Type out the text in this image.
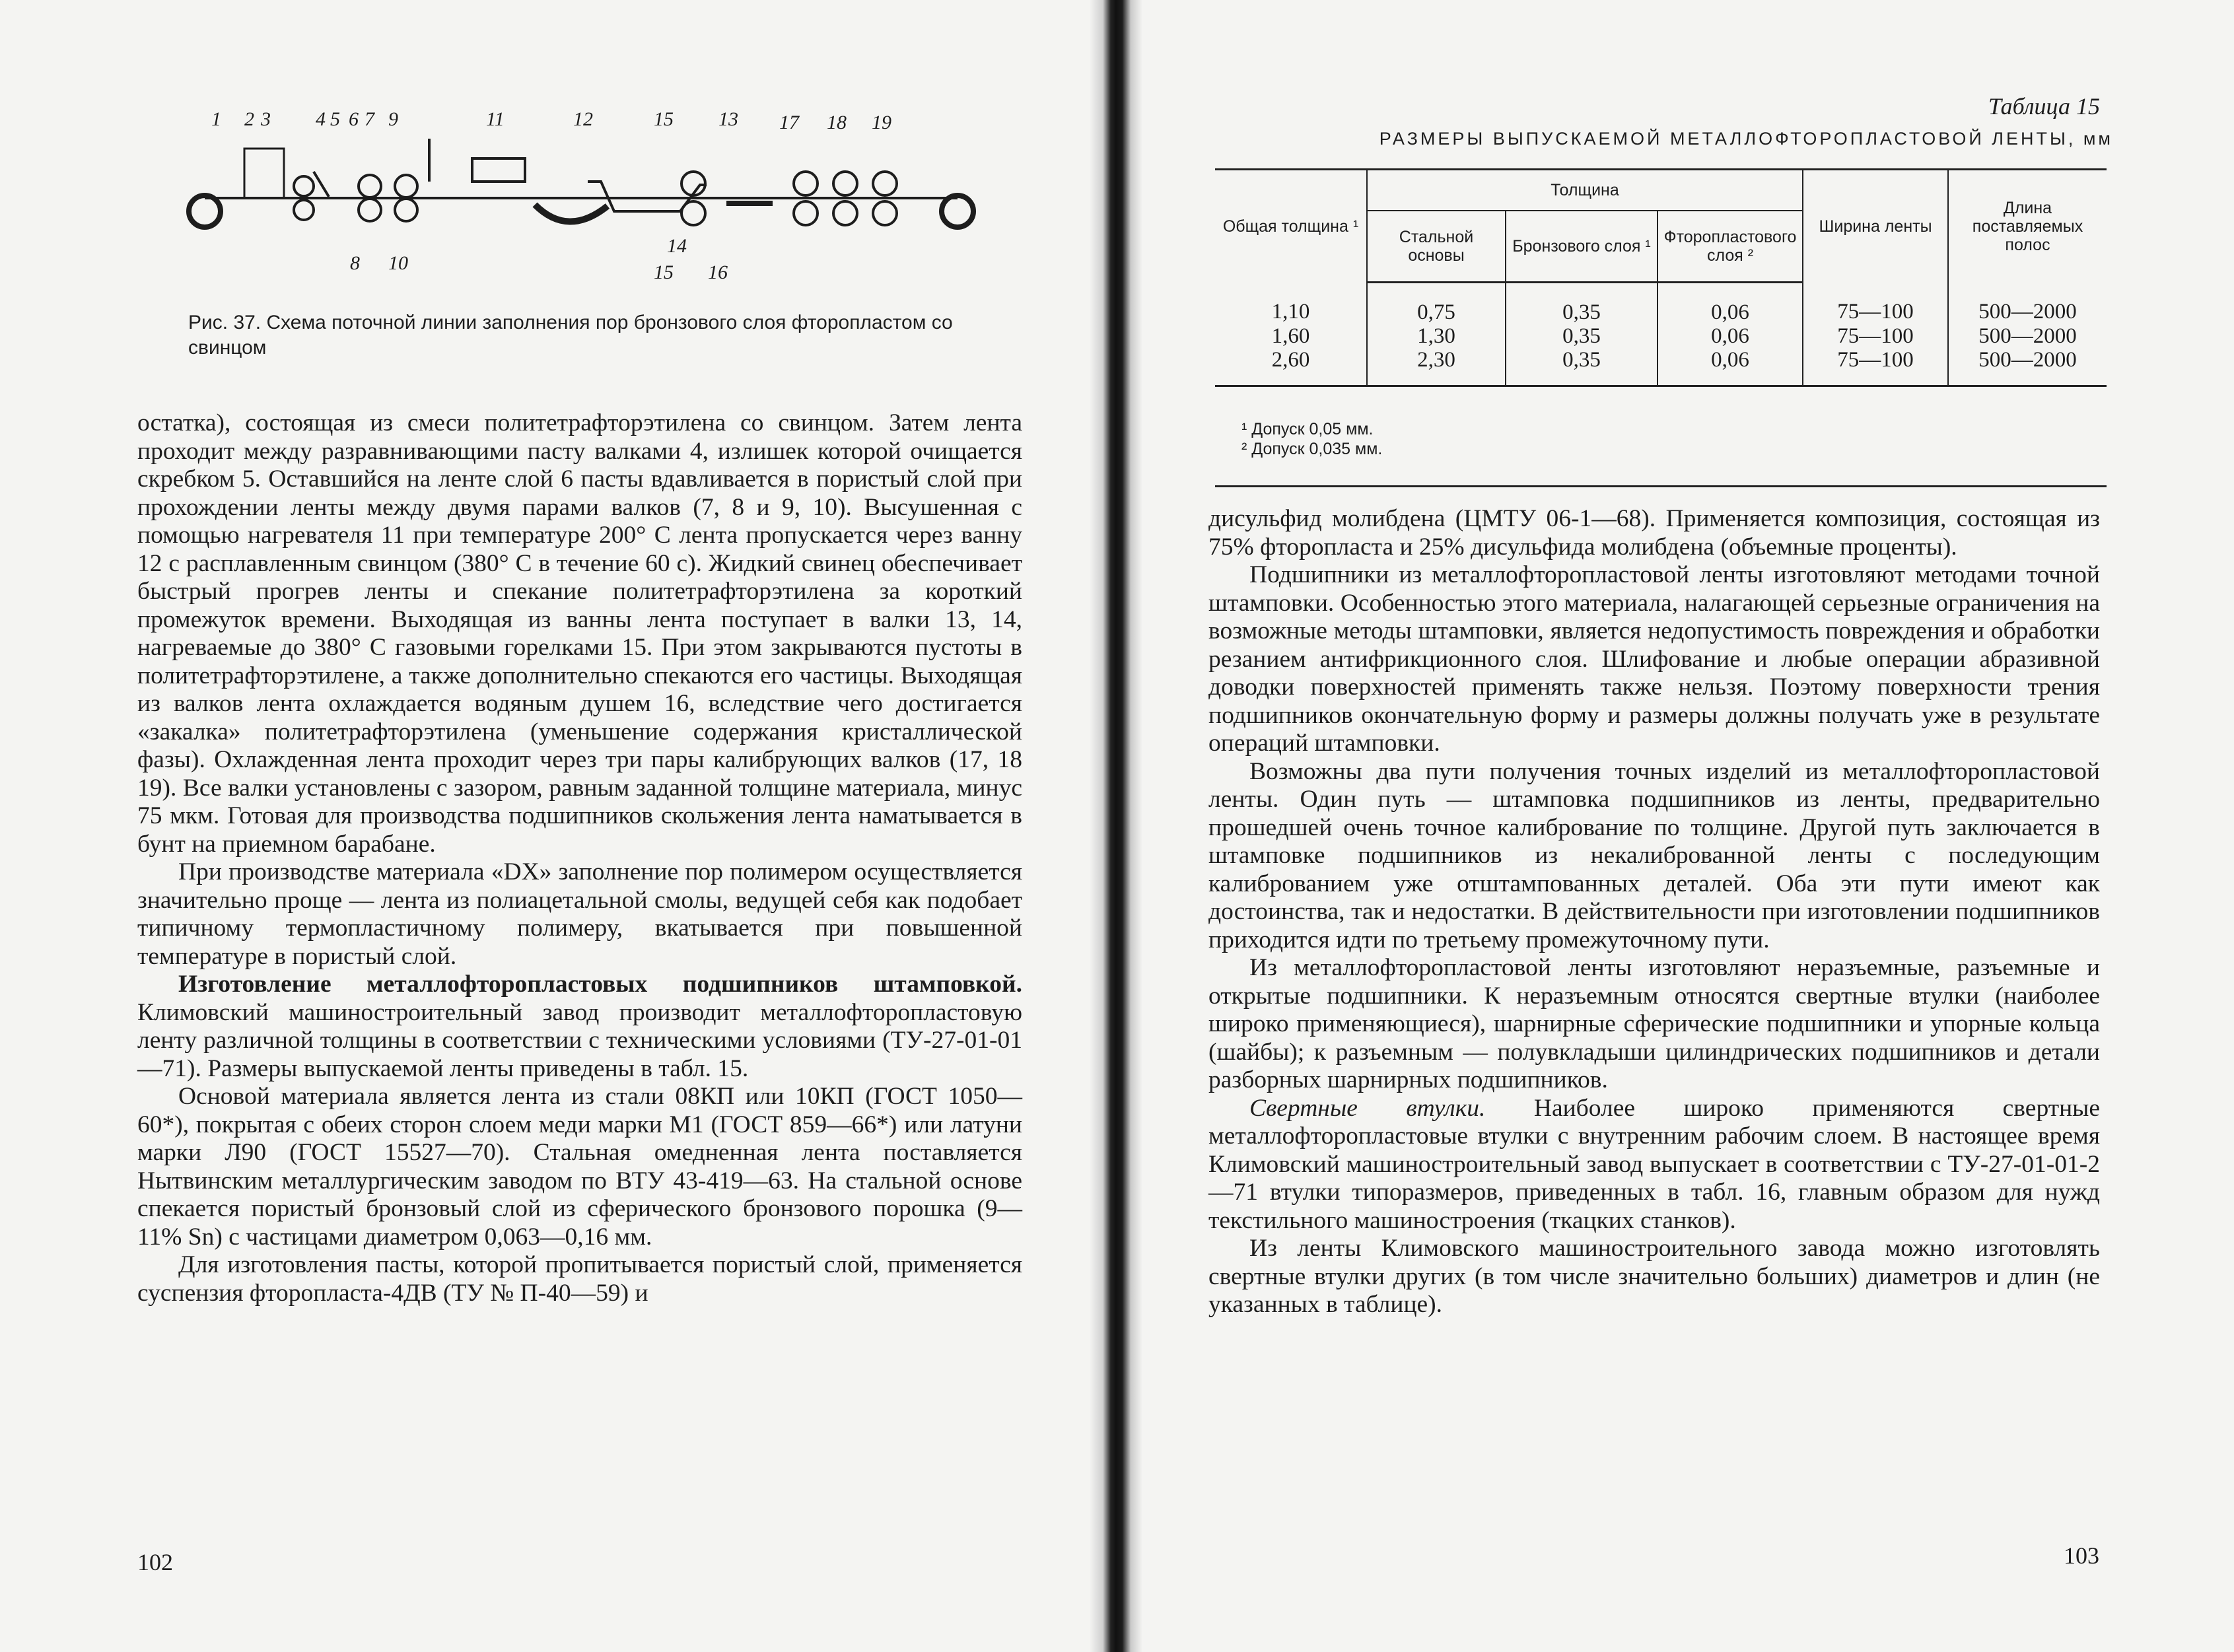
1 2 3 4 5 6 7 9	11	12	15 13 17 18 19
8 10
14
15 16

Рис. 37. Схема поточной линии заполнения пор бронзового слоя фторопластом со свинцом

остатка), состоящая из смеси политетрафторэтилена со свинцом. Затем лента проходит между разравнивающими пасту валками 4, излишек которой очищается скребком 5. Оставшийся на ленте слой 6 пасты вдавливается в пористый слой при прохождении ленты между двумя парами валков (7, 8 и 9, 10). Высушенная с помощью нагревателя 11 при температуре 200° С лента пропускается через ванну 12 с расплавленным свинцом (380° С в течение 60 с). Жидкий свинец обеспечивает быстрый прогрев ленты и спекание политетрафторэтилена за короткий промежуток времени. Выходящая из ванны лента поступает в валки 13, 14, нагреваемые до 380° С газовыми горелками 15. При этом закрываются пустоты в политетрафторэтилене, а также дополнительно спекаются его частицы. Выходящая из валков лента охлаждается водяным душем 16, вследствие чего достигается «закалка» политетрафторэтилена (уменьшение содержания кристаллической фазы). Охлажденная лента проходит через три пары калибрующих валков (17, 18 19). Все валки установлены с зазором, равным заданной толщине материала, минус 75 мкм. Готовая для производства подшипников скольжения лента наматывается в бунт на приемном барабане.

При производстве материала «DX» заполнение пор полимером осуществляется значительно проще — лента из полиацетальной смолы, ведущей себя как подобает типичному термопластичному полимеру, вкатывается при повышенной температуре в пористый слой.

Изготовление металлофторопластовых подшипников штамповкой. Климовский машиностроительный завод производит металлофторопластовую ленту различной толщины в соответствии с техническими условиями (ТУ-27-01-01—71). Размеры выпускаемой ленты приведены в табл. 15.

Основой материала является лента из стали 08КП или 10КП (ГОСТ 1050—60*), покрытая с обеих сторон слоем меди марки М1 (ГОСТ 859—66*) или латуни марки Л90 (ГОСТ 15527—70). Стальная омедненная лента поставляется Нытвинским металлургическим заводом по ВТУ 43-419—63. На стальной основе спекается пористый бронзовый слой из сферического бронзового порошка (9—11% Sn) с частицами диаметром 0,063—0,16 мм.

Для изготовления пасты, которой пропитывается пористый слой, применяется суспензия фторопласта-4ДВ (ТУ № П-40—59) и

102

Таблица 15

РАЗМЕРЫ ВЫПУСКАЕМОЙ МЕТАЛЛОФТОРОПЛАСТОВОЙ ЛЕНТЫ, мм

Общая толщина ¹	Толщина			Ширина ленты	Длина поставляемых полос
	Стальной основы	Бронзового слоя ¹	Фторопластового слоя ²		
1,10	0,75	0,35	0,06	75—100	500—2000
1,60	1,30	0,35	0,06	75—100	500—2000
2,60	2,30	0,35	0,06	75—100	500—2000
¹ Допуск 0,05 мм.
² Допуск 0,035 мм.

дисульфид молибдена (ЦМТУ 06-1—68). Применяется композиция, состоящая из 75% фторопласта и 25% дисульфида молибдена (объемные проценты).

Подшипники из металлофторопластовой ленты изготовляют методами точной штамповки. Особенностью этого материала, налагающей серьезные ограничения на возможные методы штамповки, является недопустимость повреждения и обработки резанием антифрикционного слоя. Шлифование и любые операции абразивной доводки поверхностей применять также нельзя. Поэтому поверхности трения подшипников окончательную форму и размеры должны получать уже в результате операций штамповки.

Возможны два пути получения точных изделий из металлофторопластовой ленты. Один путь — штамповка подшипников из ленты, предварительно прошедшей очень точное калибрование по толщине. Другой путь заключается в штамповке подшипников из некалиброванной ленты с последующим калиброванием уже отштампованных деталей. Оба эти пути имеют как достоинства, так и недостатки. В действительности при изготовлении подшипников приходится идти по третьему промежуточному пути.

Из металлофторопластовой ленты изготовляют неразъемные, разъемные и открытые подшипники. К неразъемным относятся свертные втулки (наиболее широко применяющиеся), шарнирные сферические подшипники и упорные кольца (шайбы); к разъемным — полувкладыши цилиндрических подшипников и детали разборных шарнирных подшипников.

Свертные втулки. Наиболее широко применяются свертные металлофторопластовые втулки с внутренним рабочим слоем. В настоящее время Климовский машиностроительный завод выпускает в соответствии с ТУ-27-01-01-2—71 втулки типоразмеров, приведенных в табл. 16, главным образом для нужд текстильного машиностроения (ткацких станков).

Из ленты Климовского машиностроительного завода можно изготовлять свертные втулки других (в том числе значительно больших) диаметров и длин (не указанных в таблице).

103
